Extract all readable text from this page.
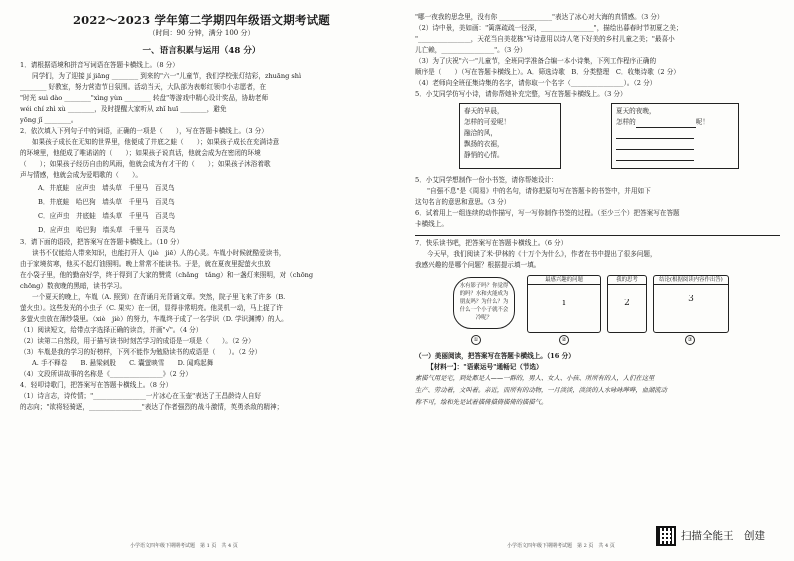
2022～2023 学年第二学期四年级语文期考试题
（时间：90 分钟，满分 100 分）
一、语言积累与运用（48 分）
1．请根据语境和拼音写词语在答题卡横线上。（8 分）
同学们，为了迎接 jí jiāng ________ 到来的"六一"儿童节，我们学校张灯结彩，zhuāng shì
________ 好教室，努力营造节日氛围。活动当天，大队部为表彰红领巾小志愿者，在
"时光 suì dào ________"xìng yùn ________ 转盘"等游戏中精心设计奖品，协助老师
wéi chí zhì xù ________，及时提醒大家听从 zhǐ huī ________，避免
yōng jǐ ________。
2．依次填入下列句子中的词语，正确的一项是（　　），写在答题卡横线上。（3 分）
如果孩子成长在无知的世界里，他便成了井底之蛙（　　）；如果孩子成长在充满诗意
的环境里，他便成了唯诺诺的（　　）；如果孩子说真话，他就会成为在密闭的环境
（　　）；如果孩子经历自由的风雨，他就会成为有才干的（　　）；如果孩子沐浴着歌
声与情感，他就会成为爱唱歌的（　　）。
A．井底蛙　应声虫　墙头草　千里马　百灵鸟
B．井底蛙　哈巴狗　墙头草　千里马　百灵鸟
C．应声虫　井底蛙　墙头草　千里马　百灵鸟
D．应声虫　哈巴狗　墙头草　千里马　百灵鸟
3．请下面的语段，把答案写在答题卡横线上。（10 分）
读书不仅能给人带来知识，也能打开人（jiè　jiē）人的心灵。车胤小时候就酷爱读书，
由于家境贫寒，他买不起灯油照明。晚上常常不能读书。于是，就在夏夜里捉萤火虫放
在小袋子里，他的勤奋好学，终于得到了大家的赞赏（chǎng　tǎng）和一盏灯来照明，对（chōng
chōng）数夜晚的黑暗，读书学习。
一个夏天的晚上，车胤（A. 照到）在背诵月光背诵文章。突然，院子里飞来了许多（B.
萤火虫）。这些发光的小虫子（C. 果实）在一团，显得非常明亮。他灵机一动，马上捉了许
多萤火虫放在薄纱袋里。（xiè　jiè）的努力，车胤终于成了一名学识（D. 学识渊博）的人。
（1）阅读短文，给带点字选择正确的读音，并画"√"。（4 分）
（2）读第二自然段，用于描写读书时刻苦学习的成语是一项是（　　）。（2 分）
（3）车胤是我的学习的好榜样，下列不能作为勉励读书的成语是（　　）。（2 分）
A. 手不释卷　　B. 悬梁刺股　　C. 囊萤映雪　　D. 闻鸡起舞
（4）文段所讲故事的名称是《________________》（2 分）
4．轻叩诗歌门，把答案写在答题卡横线上。（8 分）
（1）诗言志，诗传情；"________________一片冰心在玉壶"表达了王昌龄诗人自好
的志向；"欲将轻骑逐，________________"表达了作者强烈的战斗激情，英勇杀敌的精神；
小学语文四年级下期期考试题　第 1 页　共 4 页
"哪一夜我的思念里，没有你 ________________"表达了冰心对大海的真情感。（3 分）
（2）诗中景，美如画："篱落疏疏一径深，________________"，描绘出暮春时节初夏之美；
"________________，天花当自美花栋"写诗意用以诗人笔下好美的乡村儿童之美；"最喜小
儿亡赖，________________"。（3 分）
（3）为了庆祝"六一"儿童节，全班同学准备合编一本小诗集，下列工作程序正确的
顺序是（　　）（写在答题卡横线上）。A．筛选诗歌　B．分类整理　C．收集诗歌（2 分）
（4）老师向全班征集诗集的名字，请你取一个名字（________________）。（2 分）
5．小艾同学仿写小诗，请你帮她补充完整，写在答题卡横线上。（3 分）
春天的早晨，
怎样的可爱呢！
融洽的风，
飘扬的衣裾，
静悄的心情。
夏天的夜晚，
怎样的	呢！
5．小艾同学想制作一份小书签，请你帮她设计：
"自强不息"是《周易》中的名句，请你把原句写在答题卡的书签中，并用如下
这句名言的意思和意思。（3 分）
6．试着用上一组连续的动作描写，写一写你制作书签的过程。（至少三个）把答案写在答题
卡横线上。
7．快乐读书吧，把答案写在答题卡横线上。（6 分）
今天早，我们阅读了米·伊林的《十万个为什么》，作者在书中提出了很多问题，
我感兴趣的是哪个问题？根据提示填一填。
水有影子吗？你觉得的吗？水和火能成为朋友吗？为什么？为什么一个小子就不会冷呢？
最感兴趣的问题
i
我的思考
2
结论(根据阅读内容作出答)
3
①	②	③
（一）美丽阅读，把答案写在答题卡横线上。（16 分）
【材料一】："语素运号"通畅记（节选）
素描气用是宅，到处都是人——一群的，男人、女人、小孩、所所有的人，人们在这里
生产、劳动着，文叫着。亲近，而所有的动物，一月淡淡，淡淡的人水咏咏哔哔，血湖流动
称不可，绘和先是试着描倚描倚描倚的描描气。
小学语文四年级下期期考试题　第 2 页　共 4 页
扫描全能王　创建
